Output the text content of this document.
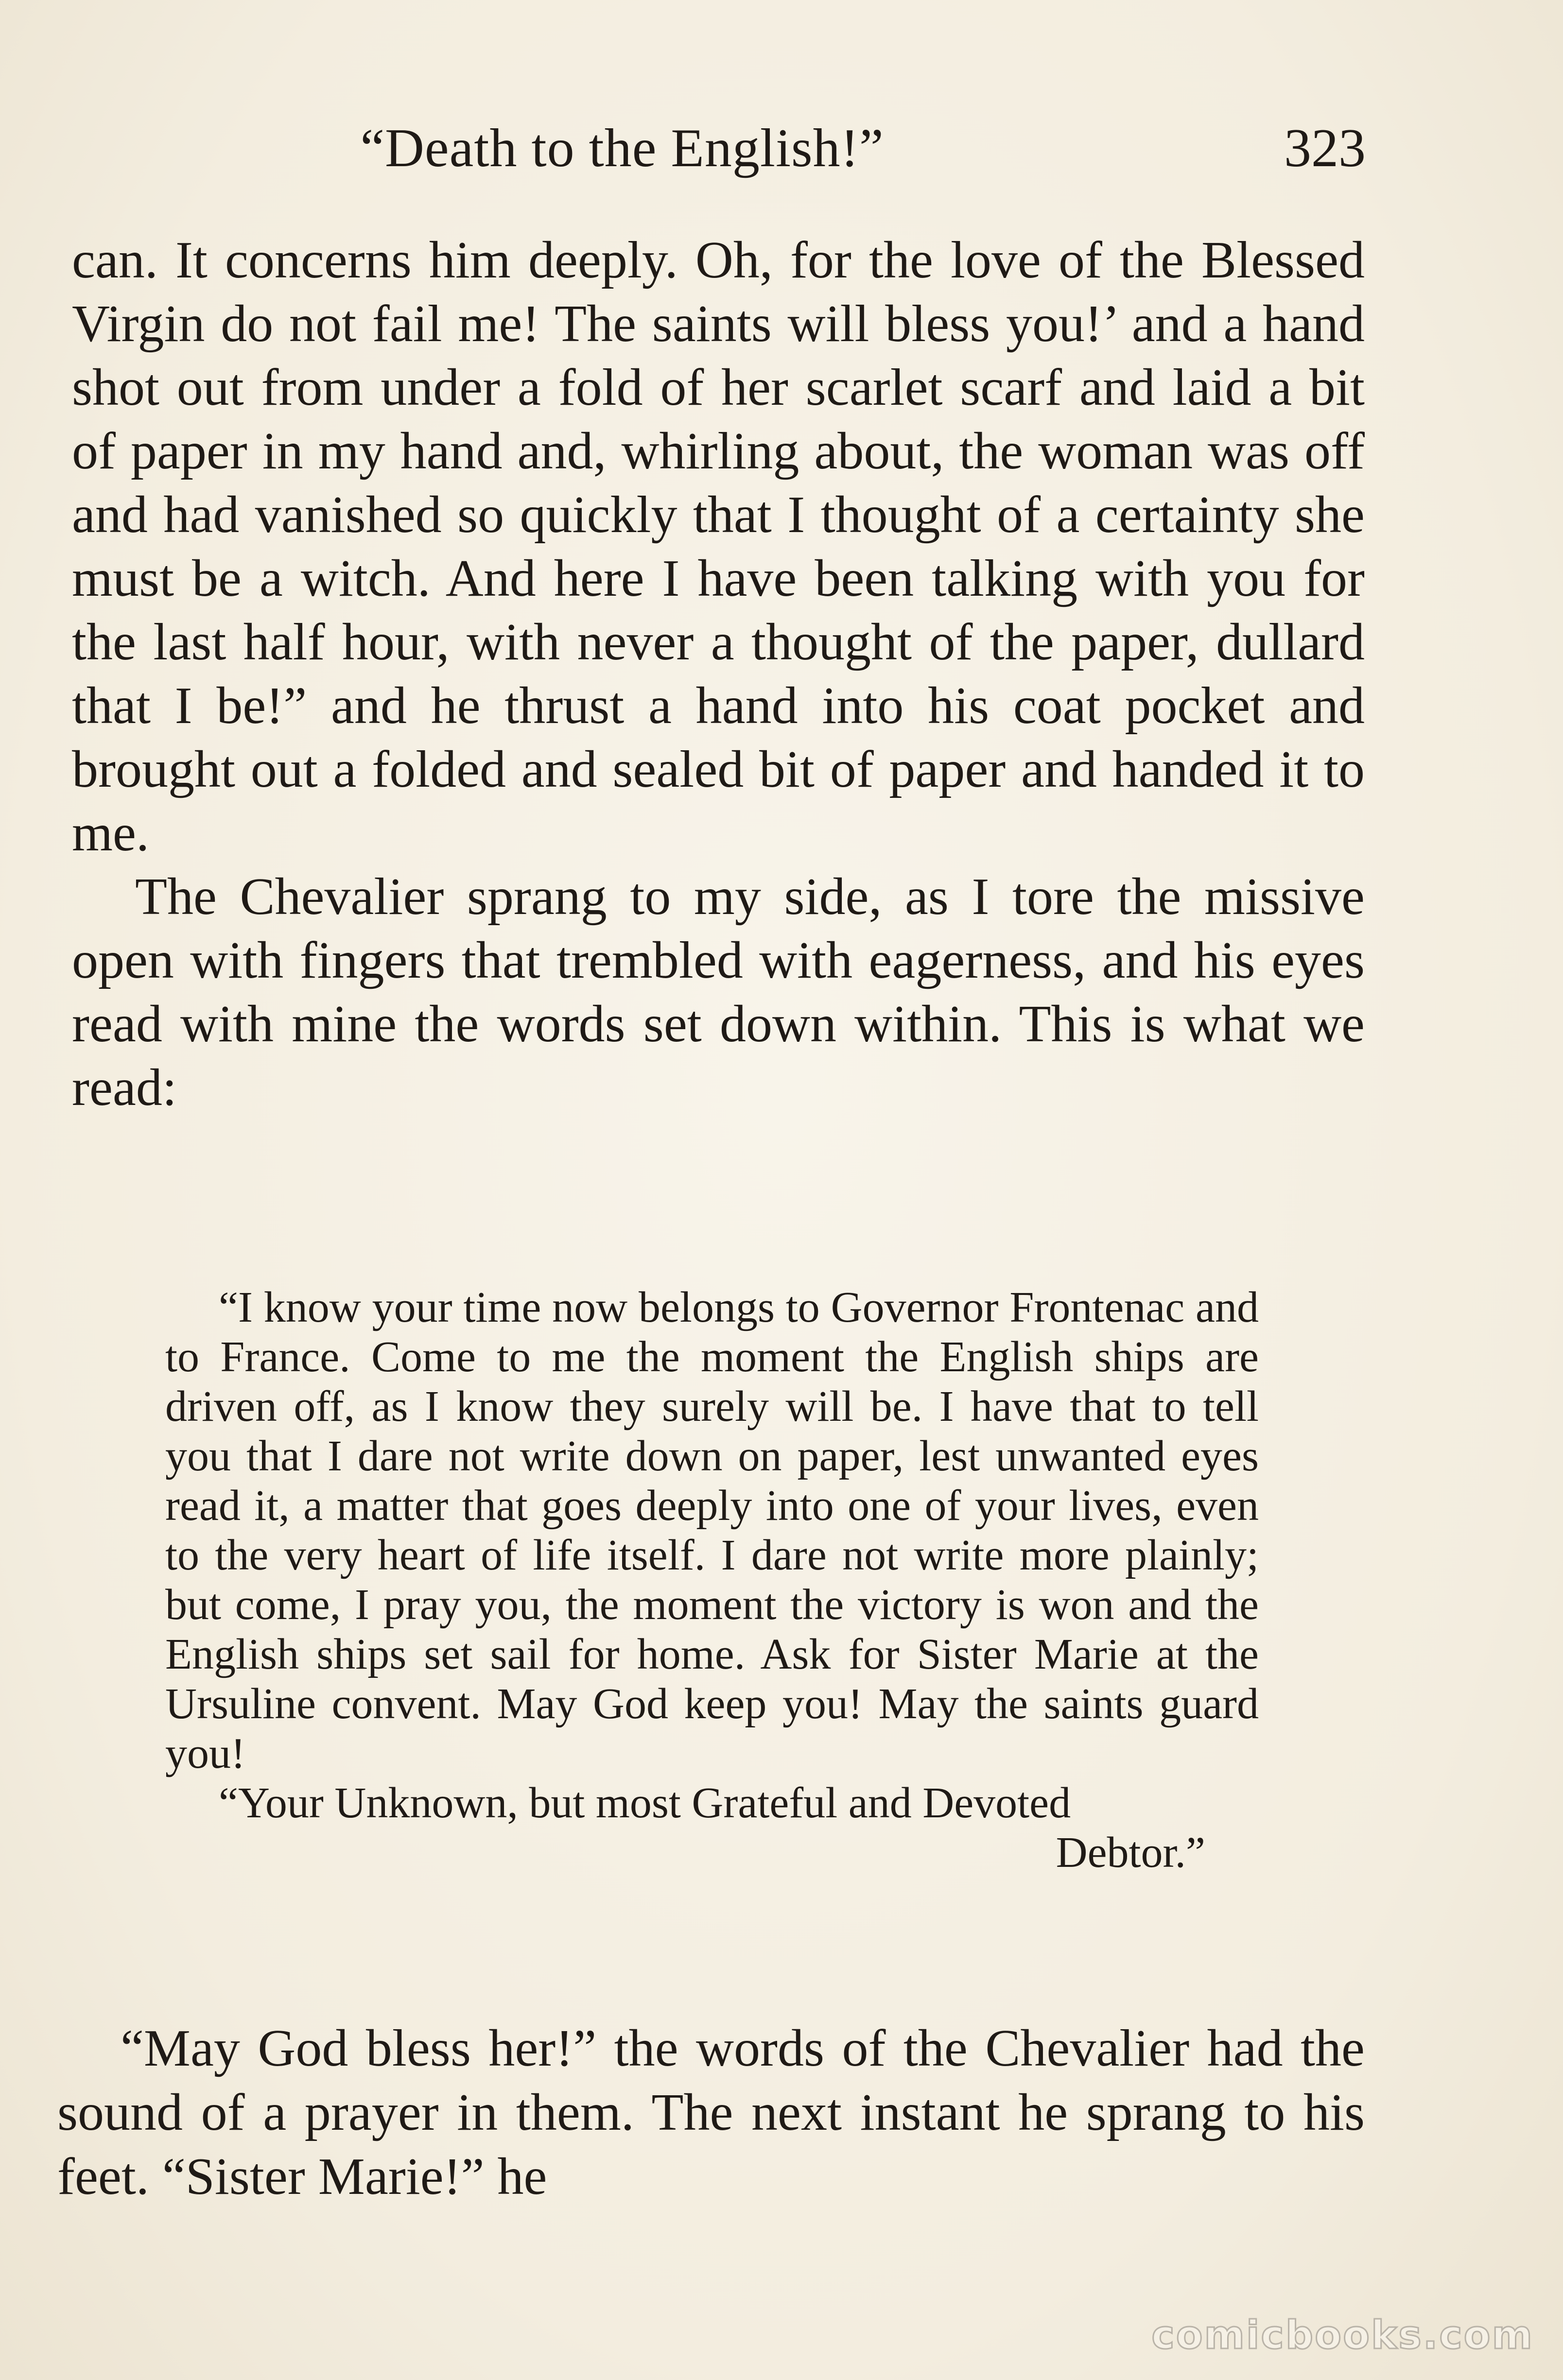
“Death to the English!”	323

can. It concerns him deeply. Oh, for the love of the Blessed Virgin do not fail me! The saints will bless you!’ and a hand shot out from under a fold of her scarlet scarf and laid a bit of paper in my hand and, whirling about, the woman was off and had vanished so quickly that I thought of a certainty she must be a witch. And here I have been talking with you for the last half hour, with never a thought of the paper, dullard that I be!” and he thrust a hand into his coat pocket and brought out a folded and sealed bit of paper and handed it to me.

The Chevalier sprang to my side, as I tore the missive open with fingers that trembled with eagerness, and his eyes read with mine the words set down within. This is what we read:

“I know your time now belongs to Governor Frontenac and to France. Come to me the moment the English ships are driven off, as I know they surely will be. I have that to tell you that I dare not write down on paper, lest unwanted eyes read it, a matter that goes deeply into one of your lives, even to the very heart of life itself. I dare not write more plainly; but come, I pray you, the moment the victory is won and the English ships set sail for home. Ask for Sister Marie at the Ursuline convent. May God keep you! May the saints guard you!

“Your Unknown, but most Grateful and Devoted

Debtor.”

“May God bless her!” the words of the Chevalier had the sound of a prayer in them. The next instant he sprang to his feet. “Sister Marie!” he

comicbooks.com
